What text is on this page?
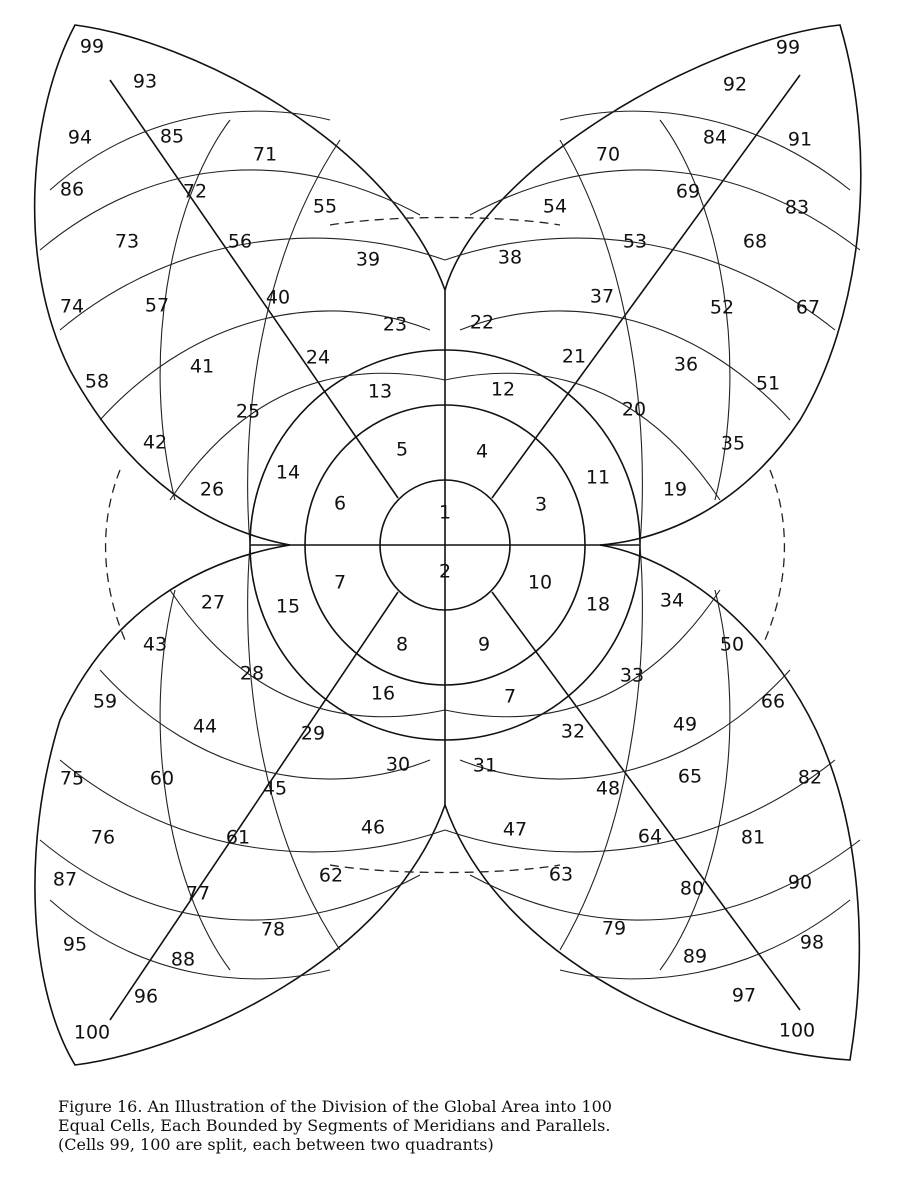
99
93
94	85
71
86	72
55
73	56
39
74	57	40
23
58
41	24
13
42
25
5
26
14
6
99
92
91
84
70
83
69
54
68
53
38
67
52
37
22
51
36
21
12
35
20
4
19
11
3
27	15
43
7
28
59
44
8
16
29
75	60
30
45
76	61	46
87	62
77
95
78
88
96
100
10
18	34
9	50
33
7	66
49
32
31
82
65
48
47	81
64
63	90
80
98
79
89
97
100
1
2
Figure 16. An Illustration of the Division of the Global Area into 100
Equal Cells, Each Bounded by Segments of Meridians and Parallels.
(Cells 99, 100 are split, each between two quadrants)
